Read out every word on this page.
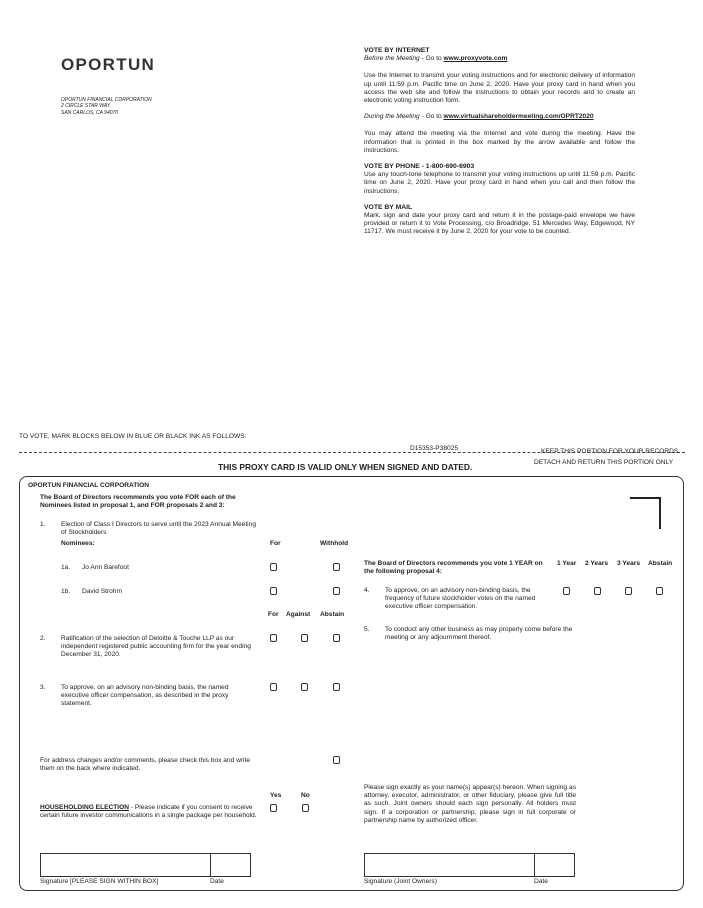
OPORTUN
OPORTUN FINANCIAL CORPORATION
2 CIRCLE STAR WAY
SAN CARLOS, CA 94070
VOTE BY INTERNET
Before the Meeting - Go to www.proxyvote.com

Use the Internet to transmit your voting instructions and for electronic delivery of information up until 11:59 p.m. Pacific time on June 2, 2020. Have your proxy card in hand when you access the web site and follow the instructions to obtain your records and to create an electronic voting instruction form.

During the Meeting - Go to www.virtualshareholdermeeting.com/OPRT2020

You may attend the meeting via the Internet and vote during the meeting. Have the information that is printed in the box marked by the arrow available and follow the instructions.

VOTE BY PHONE - 1-800-690-6903

Use any touch-tone telephone to transmit your voting instructions up until 11:59 p.m. Pacific time on June 2, 2020. Have your proxy card in hand when you call and then follow the instructions.

VOTE BY MAIL

Mark, sign and date your proxy card and return it in the postage-paid envelope we have provided or return it to Vote Processing, c/o Broadridge, 51 Mercedes Way, Edgewood, NY 11717. We must receive it by June 2, 2020 for your vote to be counted.

TO VOTE, MARK BLOCKS BELOW IN BLUE OR BLACK INK AS FOLLOWS:
D15353-P38025	KEEP THIS PORTION FOR YOUR RECORDS
DETACH AND RETURN THIS PORTION ONLY
THIS PROXY CARD IS VALID ONLY WHEN SIGNED AND DATED.
OPORTUN FINANCIAL CORPORATION
The Board of Directors recommends you vote FOR each of the Nominees listed in proposal 1, and FOR proposals 2 and 3:
1. Election of Class I Directors to serve until the 2023 Annual Meeting of Stockholders
Nominees:	For	Withhold
1a. Jo Ann Barefoot
1b. David Strohm
For Against Abstain
2. Ratification of the selection of Deloitte & Touche LLP as our independent registered public accounting firm for the year ending December 31, 2020.
3. To approve, on an advisory non-binding basis, the named executive officer compensation, as described in the proxy statement.
The Board of Directors recommends you vote 1 YEAR on the following proposal 4:
1 Year 2 Years 3 Years Abstain
4. To approve, on an advisory non-binding basis, the frequency of future stockholder votes on the named executive officer compensation.
5. To conduct any other business as may properly come before the meeting or any adjournment thereof.
For address changes and/or comments, please check this box and write them on the back where indicated.
Yes	No
HOUSEHOLDING ELECTION - Please indicate if you consent to receive certain future investor communications in a single package per household.
Please sign exactly as your name(s) appear(s) hereon. When signing as attorney, executor, administrator, or other fiduciary, please give full title as such. Joint owners should each sign personally. All holders must sign. If a corporation or partnership, please sign in full corporate or partnership name by authorized officer.
Signature [PLEASE SIGN WITHIN BOX]	Date	Signature (Joint Owners)	Date
